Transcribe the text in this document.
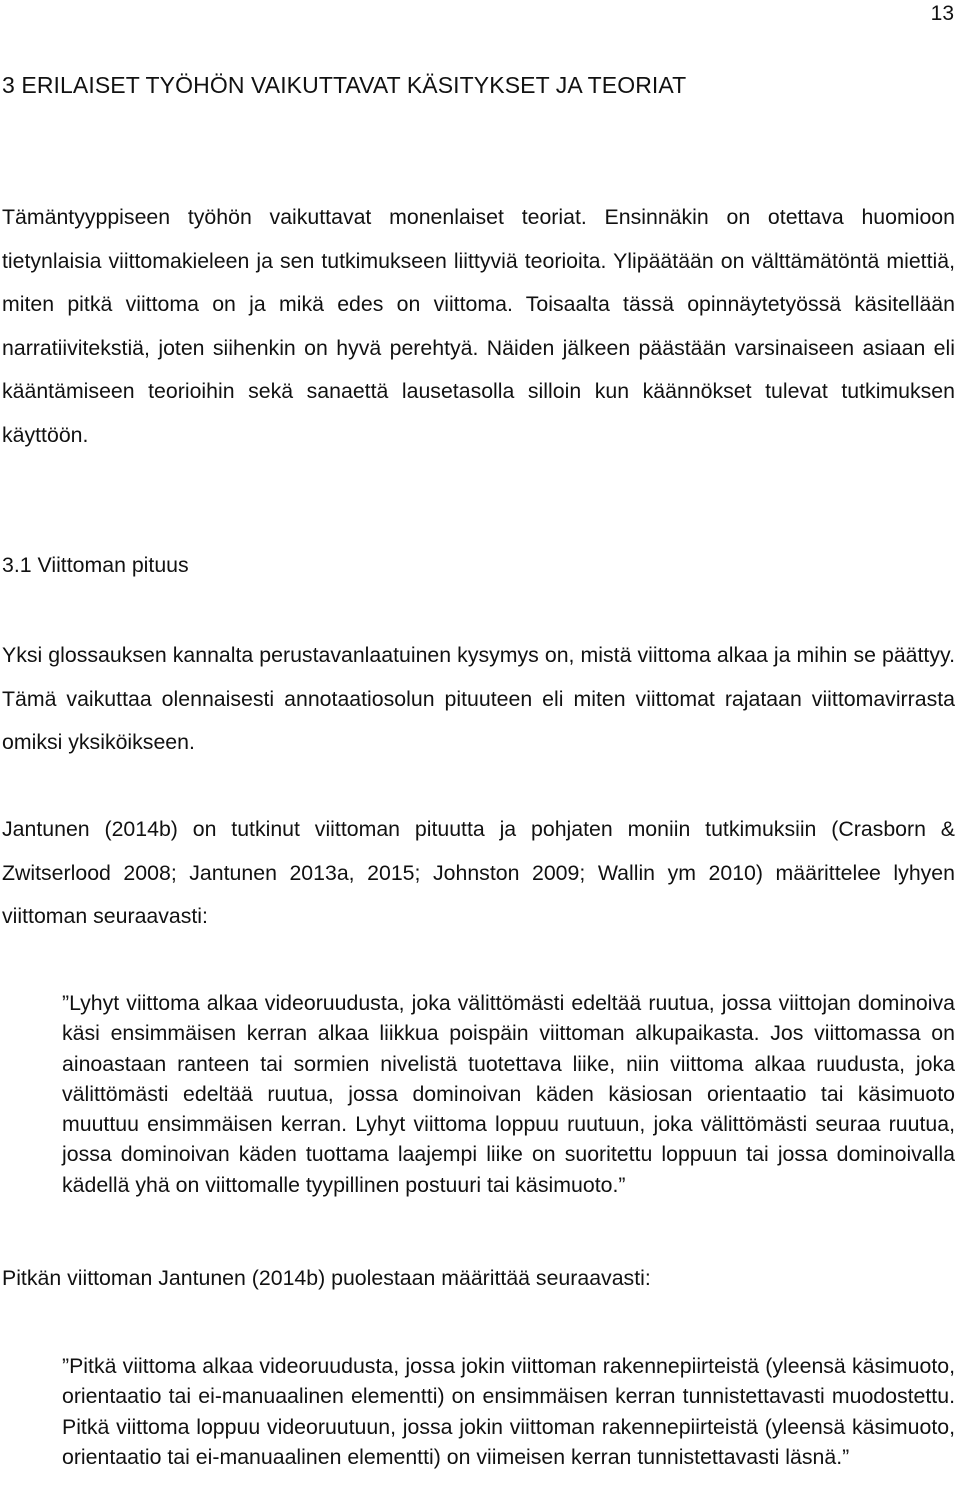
13
3 ERILAISET TYÖHÖN VAIKUTTAVAT KÄSITYKSET JA TEORIAT

Tämäntyyppiseen työhön vaikuttavat monenlaiset teoriat. Ensinnäkin on otettava huomioon tietynlaisia viittomakieleen ja sen tutkimukseen liittyviä teorioita. Ylipäätään on välttämätöntä miettiä, miten pitkä viittoma on ja mikä edes on viittoma. Toisaalta tässä opinnäytetyössä käsitellään narratiivitekstiä, joten siihenkin on hyvä perehtyä. Näiden jälkeen päästään varsinaiseen asiaan eli kääntämiseen teorioihin sekä sanaettä lausetasolla silloin kun käännökset tulevat tutkimuksen käyttöön.

3.1 Viittoman pituus

Yksi glossauksen kannalta perustavanlaatuinen kysymys on, mistä viittoma alkaa ja mihin se päättyy. Tämä vaikuttaa olennaisesti annotaatiosolun pituuteen eli miten viittomat rajataan viittomavirrasta omiksi yksiköikseen.

Jantunen (2014b) on tutkinut viittoman pituutta ja pohjaten moniin tutkimuksiin (Crasborn & Zwitserlood 2008; Jantunen 2013a, 2015; Johnston 2009; Wallin ym 2010) määrittelee lyhyen viittoman seuraavasti:

”Lyhyt viittoma alkaa videoruudusta, joka välittömästi edeltää ruutua, jossa viittojan dominoiva käsi ensimmäisen kerran alkaa liikkua poispäin viittoman alkupaikasta. Jos viittomassa on ainoastaan ranteen tai sormien nivelistä tuotettava liike, niin viittoma alkaa ruudusta, joka välittömästi edeltää ruutua, jossa dominoivan käden käsiosan orientaatio tai käsimuoto muuttuu ensimmäisen kerran. Lyhyt viittoma loppuu ruutuun, joka välittömästi seuraa ruutua, jossa dominoivan käden tuottama laajempi liike on suoritettu loppuun tai jossa dominoivalla kädellä yhä on viittomalle tyypillinen postuuri tai käsimuoto.”

Pitkän viittoman Jantunen (2014b) puolestaan määrittää seuraavasti:

”Pitkä viittoma alkaa videoruudusta, jossa jokin viittoman rakennepiirteistä (yleensä käsimuoto, orientaatio tai ei-manuaalinen elementti) on ensimmäisen kerran tunnistettavasti muodostettu. Pitkä viittoma loppuu videoruutuun, jossa jokin viittoman rakennepiirteistä (yleensä käsimuoto, orientaatio tai ei-manuaalinen elementti) on viimeisen kerran tunnistettavasti läsnä.”
